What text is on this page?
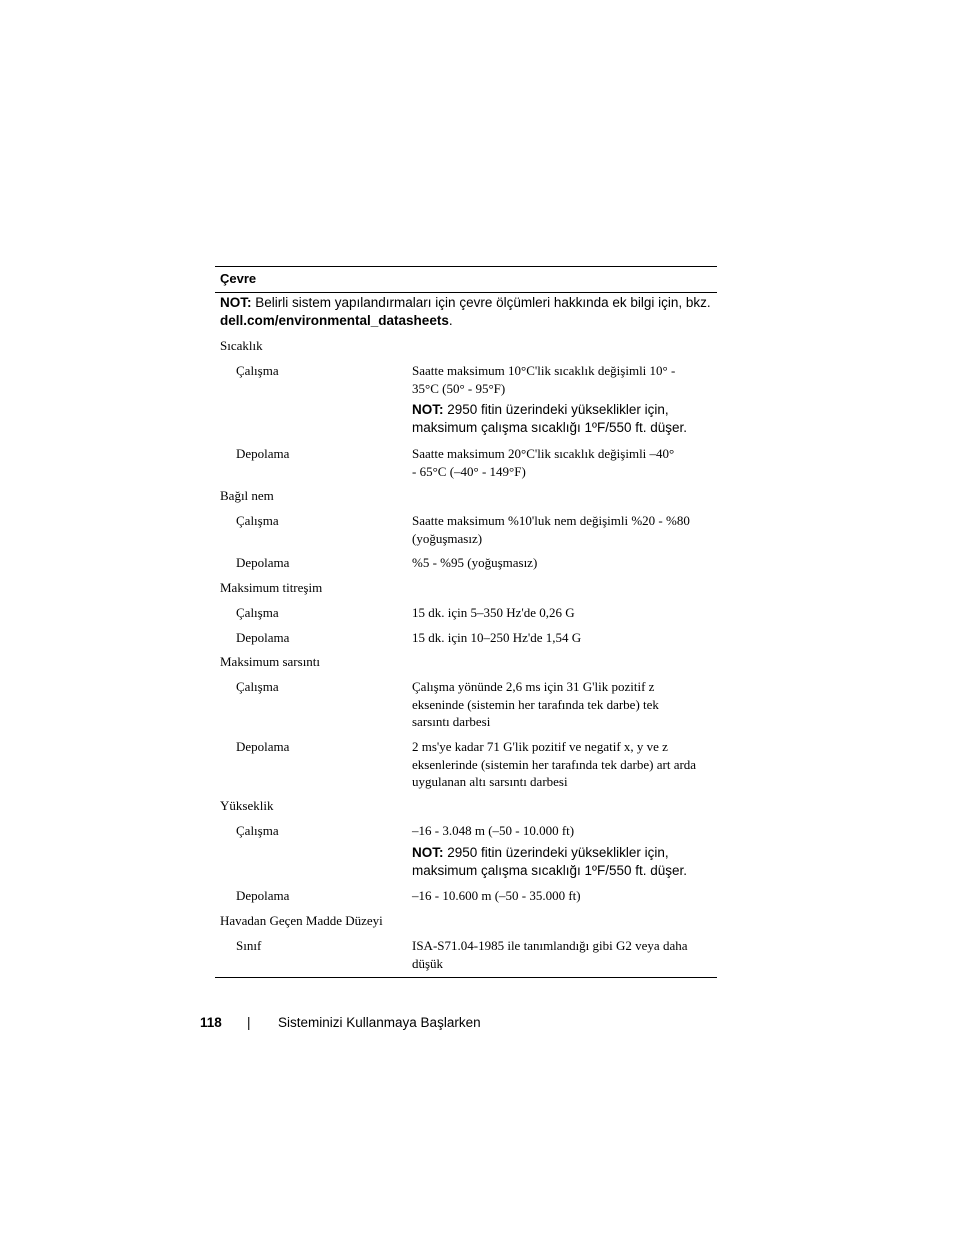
Çevre
NOT: Belirli sistem yapılandırmaları için çevre ölçümleri hakkında ek bilgi için, bkz. dell.com/environmental_datasheets.
Sıcaklık
Çalışma	Saatte maksimum 10°C'lik sıcaklık değişimli 10° - 35°C (50° - 95°F)
NOT: 2950 fitin üzerindeki yükseklikler için, maksimum çalışma sıcaklığı 1ºF/550 ft. düşer.
Depolama	Saatte maksimum 20°C'lik sıcaklık değişimli –40° - 65°C (–40° - 149°F)
Bağıl nem
Çalışma	Saatte maksimum %10'luk nem değişimli %20 - %80 (yoğuşmasız)
Depolama	%5 - %95 (yoğuşmasız)
Maksimum titreşim
Çalışma	15 dk. için 5–350 Hz'de 0,26 G
Depolama	15 dk. için 10–250 Hz'de 1,54 G
Maksimum sarsıntı
Çalışma	Çalışma yönünde 2,6 ms için 31 G'lik pozitif z ekseninde (sistemin her tarafında tek darbe) tek sarsıntı darbesi
Depolama	2 ms'ye kadar 71 G'lik pozitif ve negatif x, y ve z eksenlerinde (sistemin her tarafında tek darbe) art arda uygulanan altı sarsıntı darbesi
Yükseklik
Çalışma	–16 - 3.048 m (–50 - 10.000 ft)
NOT: 2950 fitin üzerindeki yükseklikler için, maksimum çalışma sıcaklığı 1ºF/550 ft. düşer.
Depolama	–16 - 10.600 m (–50 - 35.000 ft)
Havadan Geçen Madde Düzeyi
Sınıf	ISA-S71.04-1985 ile tanımlandığı gibi G2 veya daha düşük
118 | Sisteminizi Kullanmaya Başlarken
